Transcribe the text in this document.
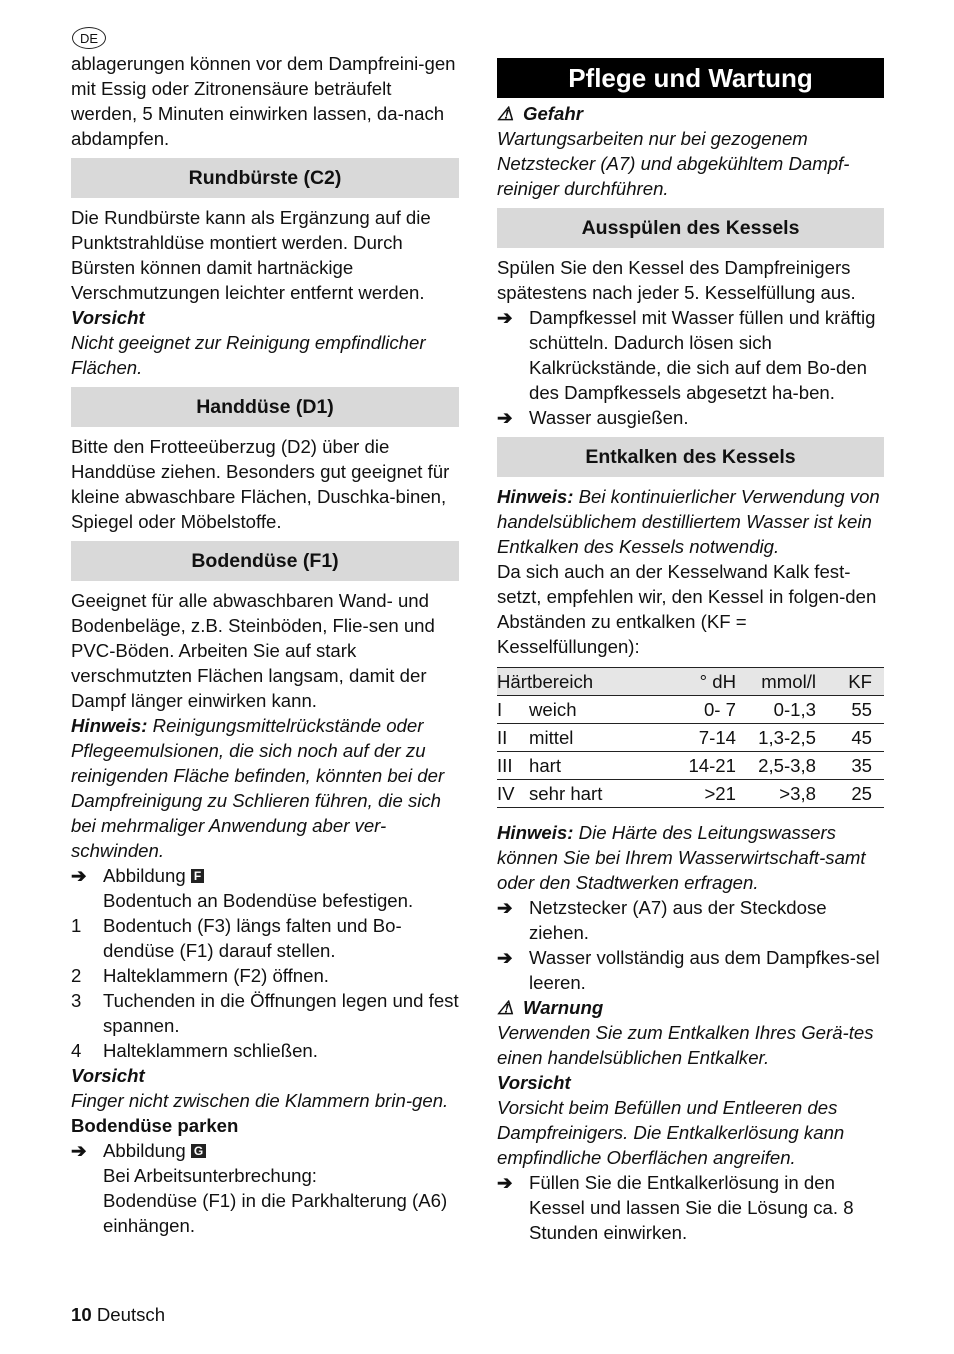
DE

ablagerungen können vor dem Dampfreini-gen mit Essig oder Zitronensäure beträufelt werden, 5 Minuten einwirken lassen, da-nach abdampfen.

Rundbürste (C2)

Die Rundbürste kann als Ergänzung auf die Punktstrahldüse montiert werden. Durch Bürsten können damit hartnäckige Verschmutzungen leichter entfernt werden.

Vorsicht

Nicht geeignet zur Reinigung empfindlicher Flächen.

Handdüse (D1)

Bitte den Frotteeüberzug (D2) über die Handdüse ziehen. Besonders gut geeignet für kleine abwaschbare Flächen, Duschka-binen, Spiegel oder Möbelstoffe.

Bodendüse (F1)

Geeignet für alle abwaschbaren Wand- und Bodenbeläge, z.B. Steinböden, Flie-sen und PVC-Böden. Arbeiten Sie auf stark verschmutzten Flächen langsam, damit der Dampf länger einwirken kann.

Hinweis: Reinigungsmittelrückstände oder Pflegeemulsionen, die sich noch auf der zu reinigenden Fläche befinden, könnten bei der Dampfreinigung zu Schlieren führen, die sich bei mehrmaliger Anwendung aber ver-schwinden.

➔ Abbildung F
Bodentuch an Bodendüse befestigen.
1	Bodentuch (F3) längs falten und Bo-dendüse (F1) darauf stellen.
2	Halteklammern (F2) öffnen.
3	Tuchenden in die Öffnungen legen und fest spannen.
4	Halteklammern schließen.

Vorsicht

Finger nicht zwischen die Klammern brin-gen.

Bodendüse parken

➔ Abbildung G
Bei Arbeitsunterbrechung:
Bodendüse (F1) in die Parkhalterung (A6) einhängen.
Pflege und Wartung

⚠ Gefahr

Wartungsarbeiten nur bei gezogenem Netzstecker (A7) und abgekühltem Dampf-reiniger durchführen.

Ausspülen des Kessels

Spülen Sie den Kessel des Dampfreinigers spätestens nach jeder 5. Kesselfüllung aus.

➔ Dampfkessel mit Wasser füllen und kräftig schütteln. Dadurch lösen sich Kalkrückstände, die sich auf dem Bo-den des Dampfkessels abgesetzt ha-ben.
➔ Wasser ausgießen.
Entkalken des Kessels

Hinweis: Bei kontinuierlicher Verwendung von handelsüblichem destilliertem Wasser ist kein Entkalken des Kessels notwendig.

Da sich auch an der Kesselwand Kalk fest-setzt, empfehlen wir, den Kessel in folgen-den Abständen zu entkalken (KF = Kesselfüllungen):

Härtbereich		° dH	mmol/l	KF
I	weich	0- 7	0-1,3	55
II	mittel	7-14	1,3-2,5	45
III	hart	14-21	2,5-3,8	35
IV	sehr hart	>21	>3,8	25

Hinweis: Die Härte des Leitungswassers können Sie bei Ihrem Wasserwirtschaft-samt oder den Stadtwerken erfragen.

➔ Netzstecker (A7) aus der Steckdose ziehen.
➔ Wasser vollständig aus dem Dampfkes-sel leeren.

⚠ Warnung

Verwenden Sie zum Entkalken Ihres Gerä-tes einen handelsüblichen Entkalker.

Vorsicht

Vorsicht beim Befüllen und Entleeren des Dampfreinigers. Die Entkalkerlösung kann empfindliche Oberflächen angreifen.

➔ Füllen Sie die Entkalkerlösung in den Kessel und lassen Sie die Lösung ca. 8 Stunden einwirken.
10 Deutsch
